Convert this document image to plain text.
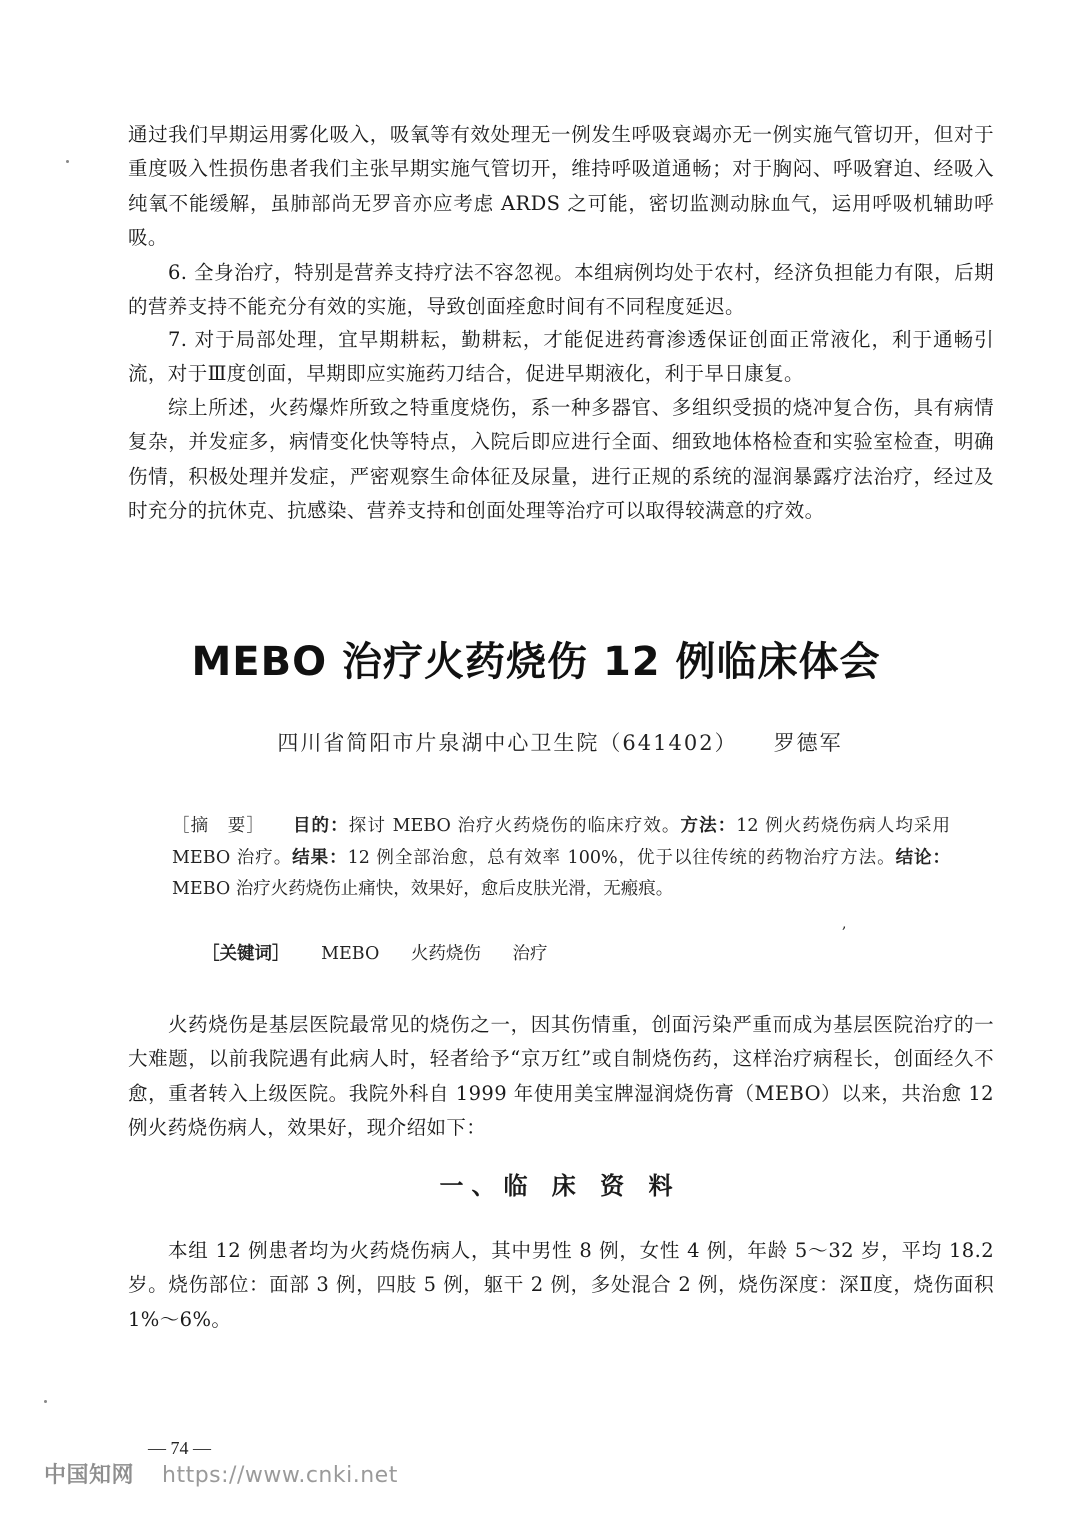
通过我们早期运用雾化吸入，吸氧等有效处理无一例发生呼吸衰竭亦无一例实施气管切开，但对于重度吸入性损伤患者我们主张早期实施气管切开，维持呼吸道通畅；对于胸闷、呼吸窘迫、经吸入纯氧不能缓解，虽肺部尚无罗音亦应考虑 ARDS 之可能，密切监测动脉血气，运用呼吸机辅助呼吸。

6. 全身治疗，特别是营养支持疗法不容忽视。本组病例均处于农村，经济负担能力有限，后期的营养支持不能充分有效的实施，导致创面痊愈时间有不同程度延迟。

7. 对于局部处理，宜早期耕耘，勤耕耘，才能促进药膏渗透保证创面正常液化，利于通畅引流，对于Ⅲ度创面，早期即应实施药刀结合，促进早期液化，利于早日康复。

综上所述，火药爆炸所致之特重度烧伤，系一种多器官、多组织受损的烧冲复合伤，具有病情复杂，并发症多，病情变化快等特点，入院后即应进行全面、细致地体格检查和实验室检查，明确伤情，积极处理并发症，严密观察生命体征及尿量，进行正规的系统的湿润暴露疗法治疗，经过及时充分的抗休克、抗感染、营养支持和创面处理等治疗可以取得较满意的疗效。

MEBO 治疗火药烧伤 12 例临床体会
四川省简阳市片泉湖中心卫生院（641402） 罗德军
［摘　要］ 目的：探讨 MEBO 治疗火药烧伤的临床疗效。方法：12 例火药烧伤病人均采用 MEBO 治疗。结果：12 例全部治愈，总有效率 100%，优于以往传统的药物治疗方法。结论：MEBO 治疗火药烧伤止痛快，效果好，愈后皮肤光滑，无瘢痕。
,
［关键词］ MEBO 火药烧伤 治疗

火药烧伤是基层医院最常见的烧伤之一，因其伤情重，创面污染严重而成为基层医院治疗的一大难题，以前我院遇有此病人时，轻者给予“京万红”或自制烧伤药，这样治疗病程长，创面经久不愈，重者转入上级医院。我院外科自 1999 年使用美宝牌湿润烧伤膏（MEBO）以来，共治愈 12 例火药烧伤病人，效果好，现介绍如下：

一、临 床 资 料

本组 12 例患者均为火药烧伤病人，其中男性 8 例，女性 4 例，年龄 5～32 岁，平均 18.2 岁。烧伤部位：面部 3 例，四肢 5 例，躯干 2 例，多处混合 2 例，烧伤深度：深Ⅱ度，烧伤面积 1%～6%。

— 74 —
中国知网 https://www.cnki.net
